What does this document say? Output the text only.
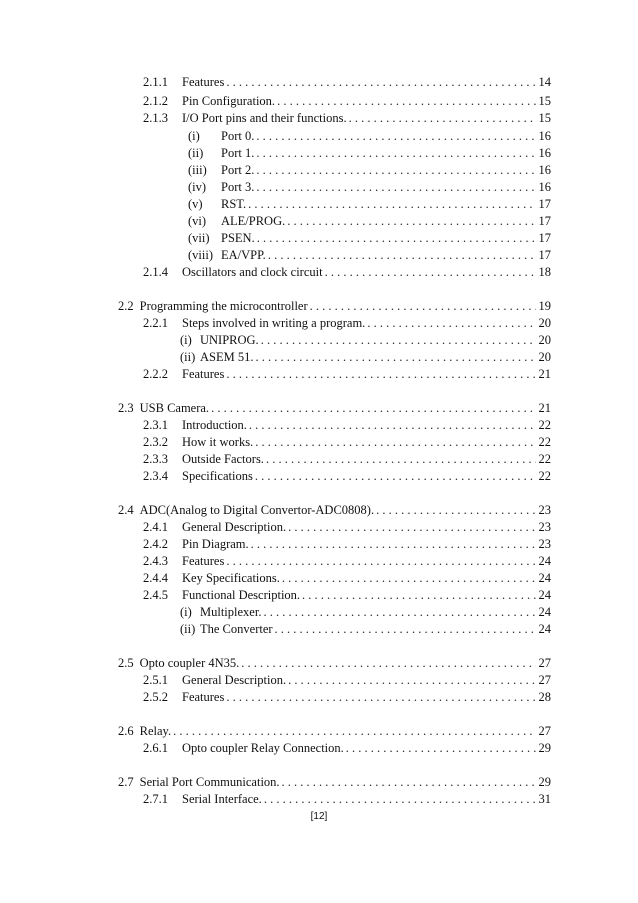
2.1.1	Features . . .	14
2.1.2	Pin Configuration. . . .	15
2.1.3	I/O Port pins and their functions. . . .	15
(i)	Port 0. . . .	16
(ii)	Port 1. . . .	16
(iii)	Port 2. . . .	16
(iv)	Port 3. . . .	16
(v)	RST. . . .	17
(vi)	ALE/PROG. . . .	17
(vii) PSEN. . . .	17
(viii) EA/VPP. . . .	17
2.1.4	Oscillators and clock circuit . . .	18
2.2 Programming the microcontroller . . .	19
2.2.1	Steps involved in writing a program. . . .	20
(i) UNIPROG. . . .	20
(ii) ASEM 51. . . .	20
2.2.2	Features . . .	21
2.3 USB Camera. . . .	21
2.3.1	Introduction. . . .	22
2.3.2	How it works. . . .	22
2.3.3	Outside Factors. . . .	22
2.3.4	Specifications . . .	22
2.4 ADC(Analog to Digital Convertor-ADC0808). . . .	23
2.4.1	General Description. . . .	23
2.4.2	Pin Diagram. . . .	23
2.4.3	Features . . .	24
2.4.4	Key Specifications. . . .	24
2.4.5	Functional Description. . . .	24
(i) Multiplexer. . . .	24
(ii) The Converter . . .	24
2.5 Opto coupler 4N35. . . .	27
2.5.1	General Description. . . .	27
2.5.2	Features . . .	28
2.6 Relay. . . .	27
2.6.1	Opto coupler Relay Connection. . . .	29
2.7 Serial Port Communication. . . .	29
2.7.1	Serial Interface. . . .	31
[12]
